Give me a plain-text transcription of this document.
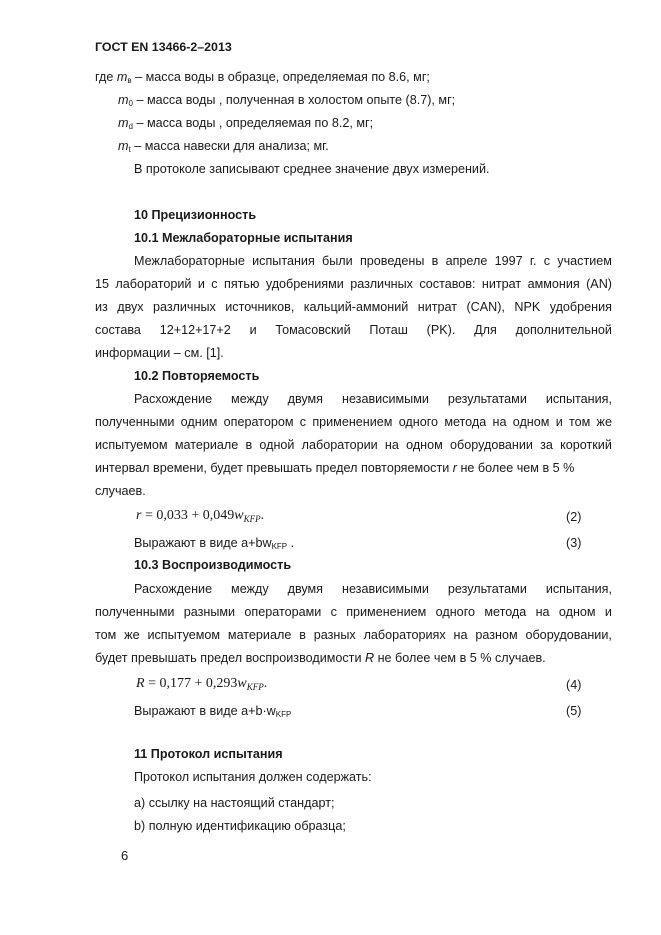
ГОСТ EN 13466-2–2013
где $m_в$ – масса воды в образце, определяемая по 8.6, мг;
$m_0$ – масса воды , полученная в холостом опыте (8.7), мг;
$m_d$ – масса воды , определяемая по 8.2, мг;
$m_t$ – масса навески для анализа; мг.
В протоколе записывают среднее значение двух измерений.
10 Прецизионность
10.1 Межлабораторные испытания
Межлабораторные испытания были проведены в апреле 1997 г. с участием
15 лабораторий и с пятью удобрениями различных составов: нитрат аммония (AN)
из двух различных источников, кальций-аммоний нитрат (CAN), NPK удобрения
состава 12+12+17+2 и Томасовский Поташ (PK). Для дополнительной
информации – см. [1].
10.2 Повторяемость
Расхождение между двумя независимыми результатами испытания,
полученными одним оператором с применением одного метода на одном и том же
испытуемом материале в одной лаборатории на одном оборудовании за короткий
интервал времени, будет превышать предел повторяемости r не более чем в 5 %
случаев.
$r = 0,033 + 0,049w_{KFP}$.	(2)
Выражают в виде $a+bw_{KFP}$ .	(3)
10.3 Воспроизводимость
Расхождение между двумя независимыми результатами испытания,
полученными разными операторами с применением одного метода на одном и
том же испытуемом материале в разных лабораториях на разном оборудовании,
будет превышать предел воспроизводимости R не более чем в 5 % случаев.
$R = 0,177 + 0,293w_{KFP}$.	(4)
Выражают в виде $a+b\cdot w_{KFP}$	(5)
11 Протокол испытания
Протокол испытания должен содержать:
a) ссылку на настоящий стандарт;
b) полную идентификацию образца;
6
